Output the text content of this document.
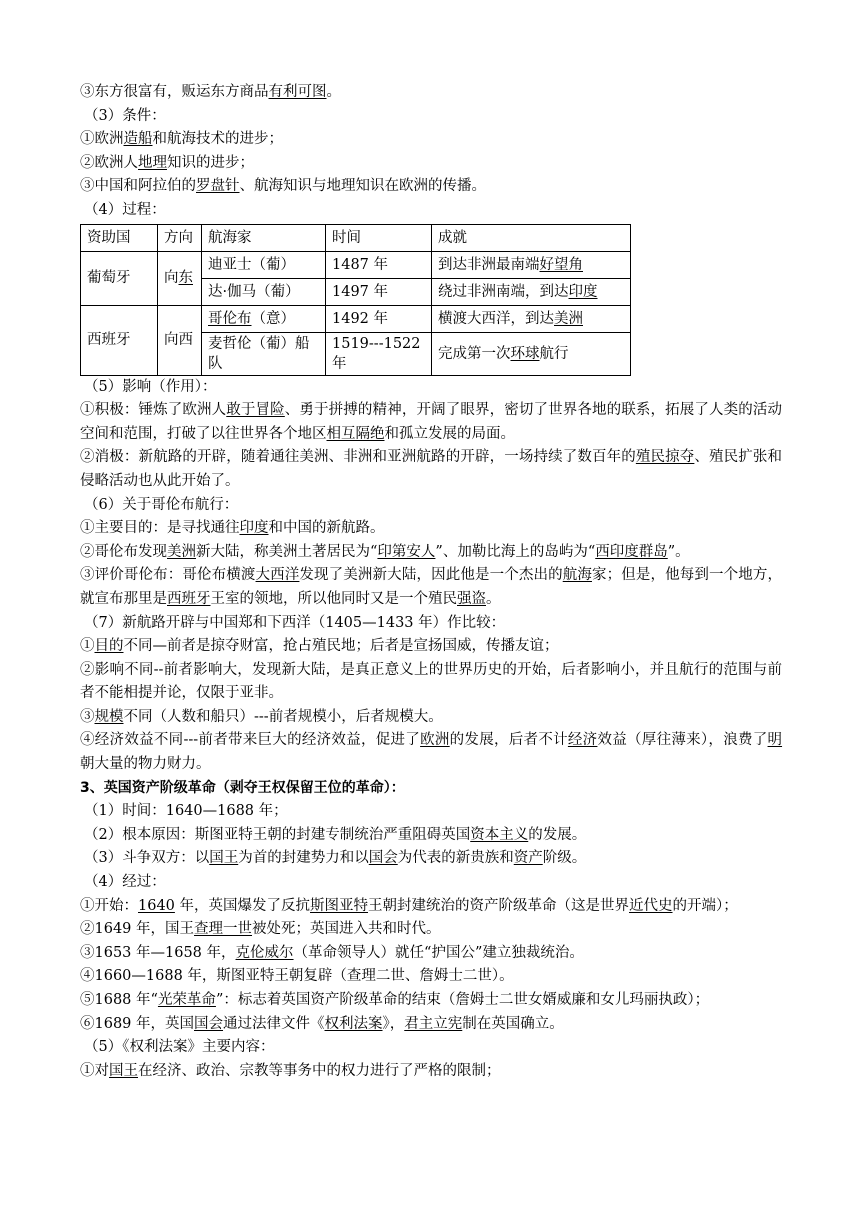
③东方很富有，贩运东方商品有利可图。
（3）条件：
①欧洲造船和航海技术的进步；
②欧洲人地理知识的进步；
③中国和阿拉伯的罗盘针、航海知识与地理知识在欧洲的传播。
（4）过程：
资助国	方向	航海家	时间	成就
葡萄牙	向东	迪亚士（葡）	1487 年	到达非洲最南端好望角
		达·伽马（葡）	1497 年	绕过非洲南端，到达印度
西班牙	向西	哥伦布（意）	1492 年	横渡大西洋，到达美洲
		麦哲伦（葡）船队	1519---1522 年	完成第一次环球航行
（5）影响（作用）：
①积极：锤炼了欧洲人敢于冒险、勇于拼搏的精神，开阔了眼界，密切了世界各地的联系，拓展了人类的活动空间和范围，打破了以往世界各个地区相互隔绝和孤立发展的局面。
②消极：新航路的开辟，随着通往美洲、非洲和亚洲航路的开辟，一场持续了数百年的殖民掠夺、殖民扩张和侵略活动也从此开始了。
（6）关于哥伦布航行：
①主要目的：是寻找通往印度和中国的新航路。
②哥伦布发现美洲新大陆，称美洲土著居民为“印第安人”、加勒比海上的岛屿为“西印度群岛”。
③评价哥伦布：哥伦布横渡大西洋发现了美洲新大陆，因此他是一个杰出的航海家；但是，他每到一个地方，就宣布那里是西班牙王室的领地，所以他同时又是一个殖民强盗。
（7）新航路开辟与中国郑和下西洋（1405—1433 年）作比较：
①目的不同—前者是掠夺财富，抢占殖民地；后者是宣扬国威，传播友谊；
②影响不同--前者影响大，发现新大陆，是真正意义上的世界历史的开始，后者影响小，并且航行的范围与前者不能相提并论，仅限于亚非。
③规模不同（人数和船只）---前者规模小，后者规模大。
④经济效益不同---前者带来巨大的经济效益，促进了欧洲的发展，后者不计经济效益（厚往薄来），浪费了明朝大量的物力财力。
3、英国资产阶级革命（剥夺王权保留王位的革命）：
（1）时间：1640—1688 年；
（2）根本原因：斯图亚特王朝的封建专制统治严重阻碍英国资本主义的发展。
（3）斗争双方：以国王为首的封建势力和以国会为代表的新贵族和资产阶级。
（4）经过：
①开始：1640 年，英国爆发了反抗斯图亚特王朝封建统治的资产阶级革命（这是世界近代史的开端）；
②1649 年，国王查理一世被处死；英国进入共和时代。
③1653 年—1658 年，克伦威尔（革命领导人）就任“护国公”建立独裁统治。
④1660—1688 年，斯图亚特王朝复辟（查理二世、詹姆士二世）。
⑤1688 年“光荣革命”：标志着英国资产阶级革命的结束（詹姆士二世女婿威廉和女儿玛丽执政）；
⑥1689 年，英国国会通过法律文件《权利法案》，君主立宪制在英国确立。
（5）《权利法案》主要内容：
①对国王在经济、政治、宗教等事务中的权力进行了严格的限制；
